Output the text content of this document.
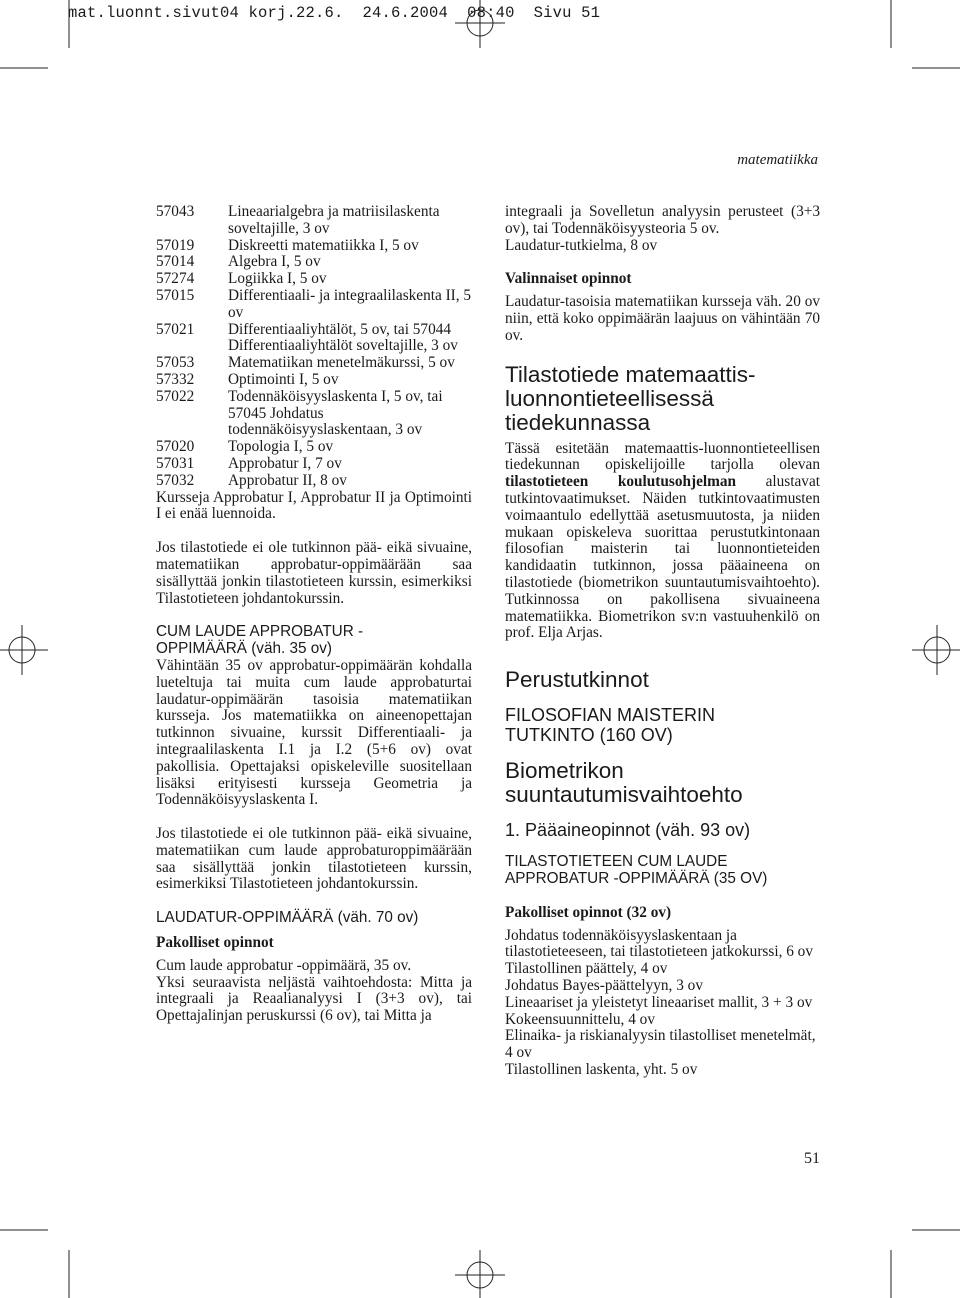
mat.luonnt.sivut04 korj.22.6.  24.6.2004  08:40  Sivu 51
matematiikka
57043	Lineaarialgebra ja matriisilaskenta soveltajille, 3 ov
57019	Diskreetti matematiikka I, 5 ov
57014	Algebra I, 5 ov
57274	Logiikka I, 5 ov
57015	Differentiaali- ja integraalilaskenta II, 5 ov
57021	Differentiaaliyhtälöt, 5 ov, tai 57044 Differentiaaliyhtälöt soveltajille, 3 ov
57053	Matematiikan menetelmäkurssi, 5 ov
57332	Optimointi I, 5 ov
57022	Todennäköisyyslaskenta I, 5 ov, tai 57045 Johdatus todennäköisyyslaskentaan, 3 ov
57020	Topologia I, 5 ov
57031	Approbatur I, 7 ov
57032	Approbatur II, 8 ov
Kursseja Approbatur I, Approbatur II ja Optimointi I ei enää luennoida.
Jos tilastotiede ei ole tutkinnon pää- eikä sivuaine, matematiikan approbatur-oppimäärään saa sisällyttää jonkin tilastotieteen kurssin, esimerkiksi Tilastotieteen johdantokurssin.
CUM LAUDE APPROBATUR -
OPPIMÄÄRÄ (väh. 35 ov)
Vähintään 35 ov approbatur-oppimäärän kohdalla lueteltuja tai muita cum laude approbaturtai laudatur-oppimäärän tasoisia matematiikan kursseja. Jos matematiikka on aineenopettajan tutkinnon sivuaine, kurssit Differentiaali- ja integraalilaskenta I.1 ja I.2 (5+6 ov) ovat pakollisia. Opettajaksi opiskeleville suositellaan lisäksi erityisesti kursseja Geometria ja Todennäköisyyslaskenta I.
Jos tilastotiede ei ole tutkinnon pää- eikä sivuaine, matematiikan cum laude approbaturoppimäärään saa sisällyttää jonkin tilastotieteen kurssin, esimerkiksi Tilastotieteen johdantokurssin.
LAUDATUR-OPPIMÄÄRÄ (väh. 70 ov)
Pakolliset opinnot
Cum laude approbatur -oppimäärä, 35 ov.
Yksi seuraavista neljästä vaihtoehdosta: Mitta ja integraali ja Reaalianalyysi I (3+3 ov), tai Opettajalinjan peruskurssi (6 ov), tai Mitta ja
integraali ja Sovelletun analyysin perusteet (3+3 ov), tai Todennäköisyysteoria 5 ov.
Laudatur-tutkielma, 8 ov
Valinnaiset opinnot
Laudatur-tasoisia matematiikan kursseja väh. 20 ov niin, että koko oppimäärän laajuus on vähintään 70 ov.
Tilastotiede matemaattis-
luonnontieteellisessä
tiedekunnassa
Tässä esitetään matemaattis-luonnontieteellisen tiedekunnan opiskelijoille tarjolla olevan tilastotieteen koulutusohjelman alustavat tutkintovaatimukset. Näiden tutkintovaatimusten voimaantulo edellyttää asetusmuutosta, ja niiden mukaan opiskeleva suorittaa perustutkintonaan filosofian maisterin tai luonnontieteiden kandidaatin tutkinnon, jossa pääaineena on tilastotiede (biometrikon suuntautumisvaihtoehto). Tutkinnossa on pakollisena sivuaineena matematiikka. Biometrikon sv:n vastuuhenkilö on prof. Elja Arjas.
Perustutkinnot
FILOSOFIAN MAISTERIN
TUTKINTO (160 OV)
Biometrikon
suuntautumisvaihtoehto
1. Pääaineopinnot (väh. 93 ov)
TILASTOTIETEEN CUM LAUDE
APPROBATUR -OPPIMÄÄRÄ (35 OV)
Pakolliset opinnot (32 ov)
Johdatus todennäköisyyslaskentaan ja tilastotieteeseen, tai tilastotieteen jatkokurssi, 6 ov
Tilastollinen päättely, 4 ov
Johdatus Bayes-päättelyyn, 3 ov
Lineaariset ja yleistetyt lineaariset mallit, 3 + 3 ov
Kokeensuunnittelu, 4 ov
Elinaika- ja riskianalyysin tilastolliset menetelmät, 4 ov
Tilastollinen laskenta, yht. 5 ov
51
